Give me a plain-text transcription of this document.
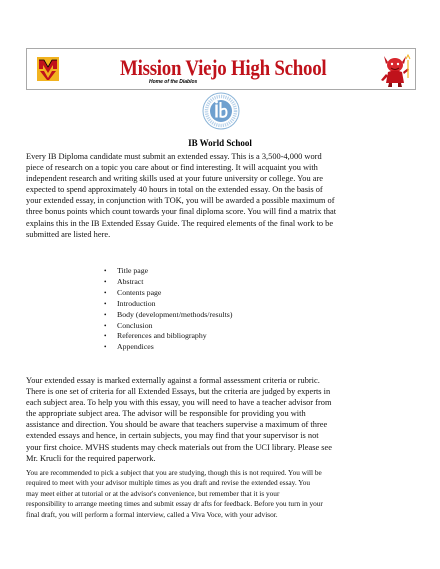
Mission Viejo High School
Home of the Diablos
IB World School
Every IB Diploma candidate must submit an extended essay. This is a 3,500-4,000 word
piece of research on a topic you care about or find interesting. It will acquaint you with
independent research and writing skills used at your future university or college. You are
expected to spend approximately 40 hours in total on the extended essay. On the basis of
your extended essay, in conjunction with TOK, you will be awarded a possible maximum of
three bonus points which count towards your final diploma score. You will find a matrix that
explains this in the IB Extended Essay Guide. The required elements of the final work to be
submitted are listed here.
• Title page
• Abstract
• Contents page
• Introduction
• Body (development/methods/results)
• Conclusion
• References and bibliography
• Appendices
Your extended essay is marked externally against a formal assessment criteria or rubric.
There is one set of criteria for all Extended Essays, but the criteria are judged by experts in
each subject area. To help you with this essay, you will need to have a teacher advisor from
the appropriate subject area. The advisor will be responsible for providing you with
assistance and direction. You should be aware that teachers supervise a maximum of three
extended essays and hence, in certain subjects, you may find that your supervisor is not
your first choice. MVHS students may check materials out from the UCI library. Please see
Mr. Krucli for the required paperwork.
You are recommended to pick a subject that you are studying, though this is not required. You will be
required to meet with your advisor multiple times as you draft and revise the extended essay. You
may meet either at tutorial or at the advisor's convenience, but remember that it is your
responsibility to arrange meeting times and submit essay dr afts for feedback. Before you turn in your
final draft, you will perform a formal interview, called a Viva Voce, with your advisor.
